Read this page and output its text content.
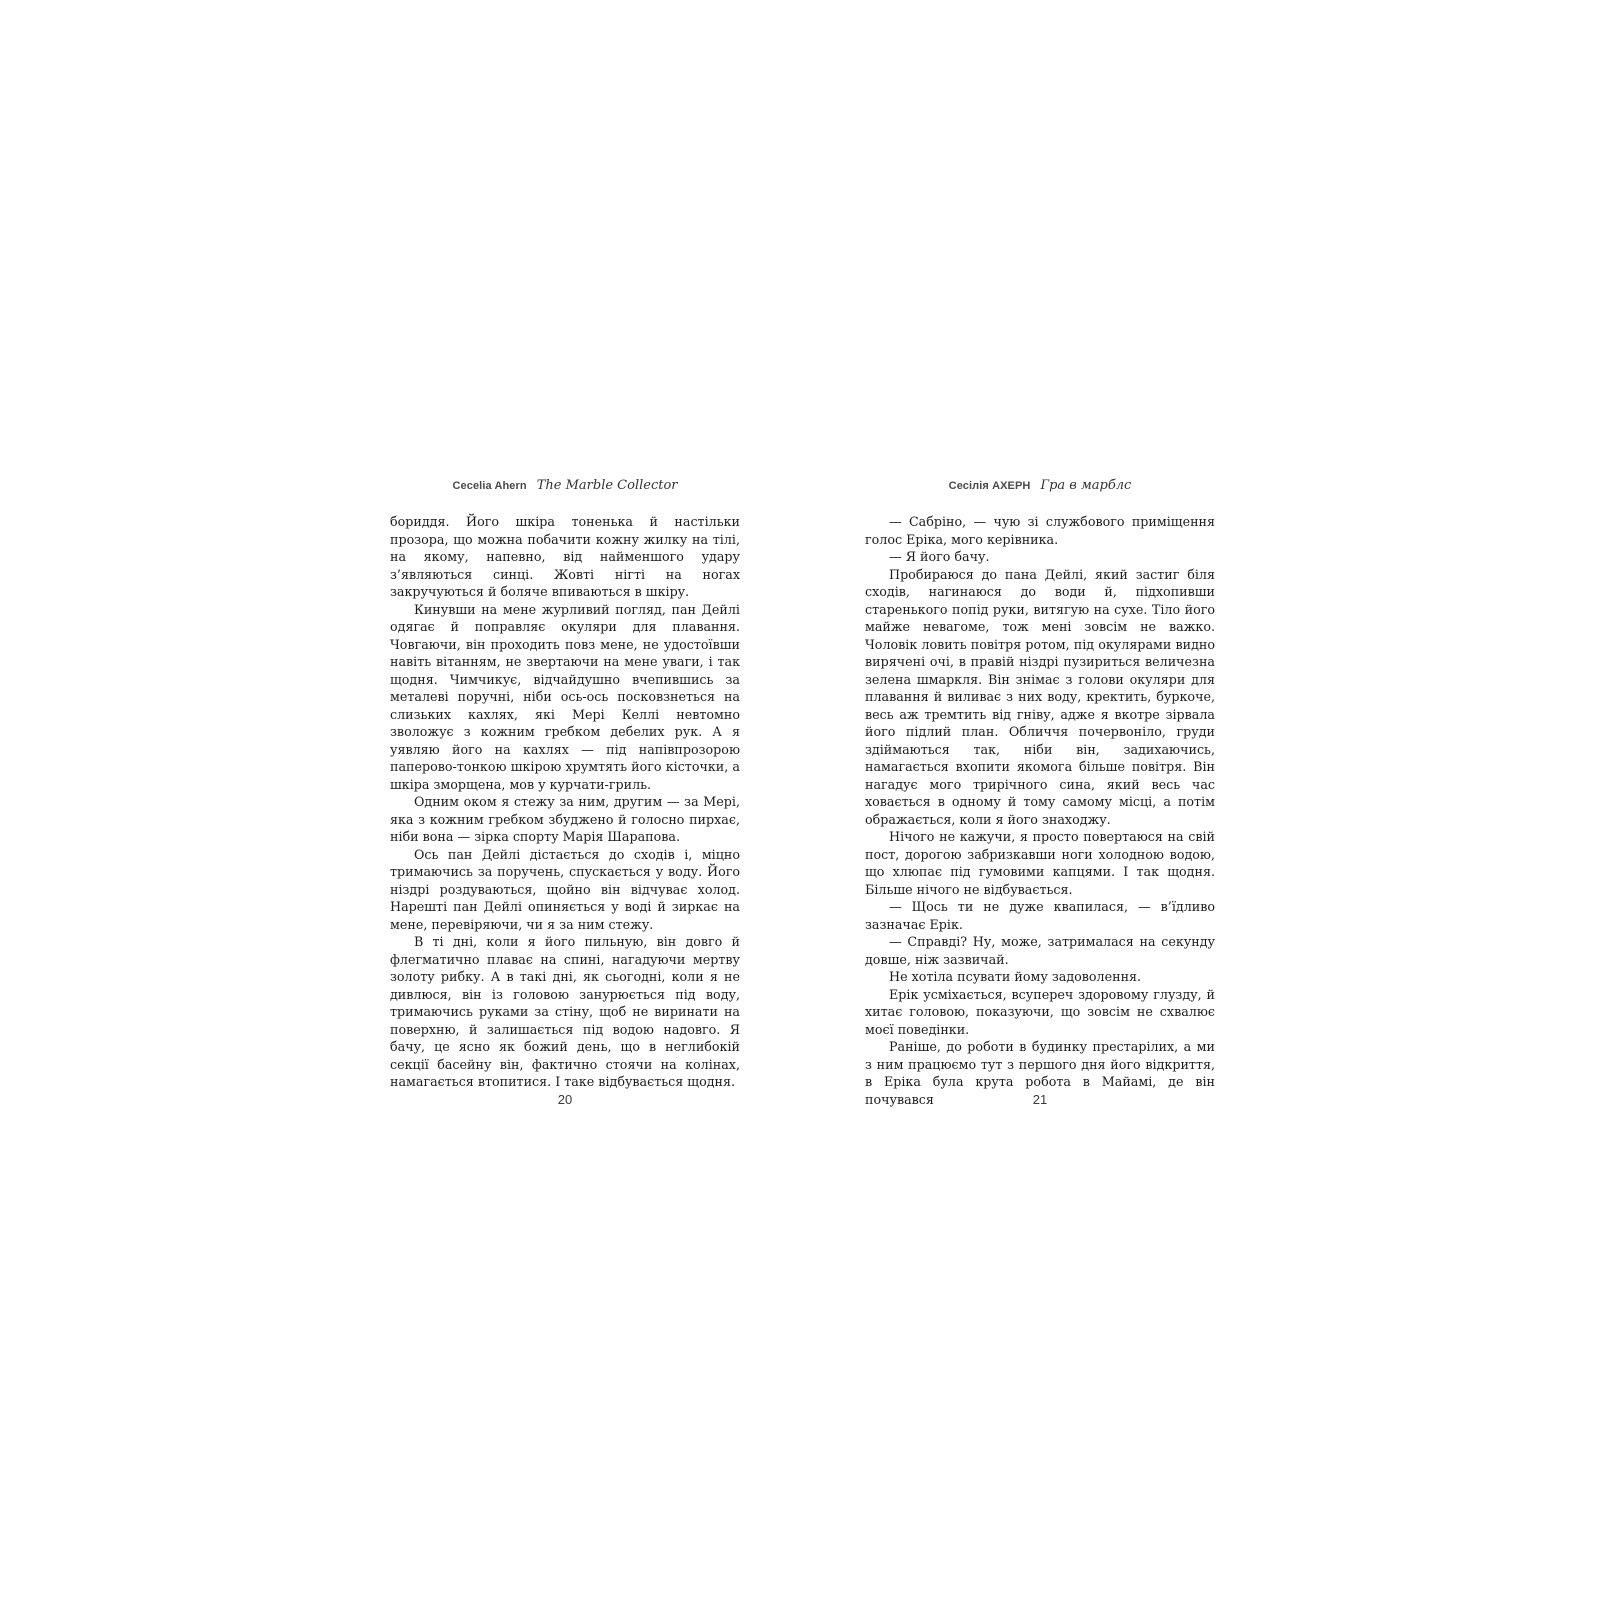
Cecelia Ahern The Marble Collector

бориддя. Його шкіра тоненька й настільки прозора, що можна побачити кожну жилку на тілі, на якому, напевно, від найменшого удару з’являються синці. Жовті нігті на ногах закручуються й боляче впиваються в шкіру.

Кинувши на мене журливий погляд, пан Дейлі одягає й поправляє окуляри для плавання. Човгаючи, він проходить повз мене, не удостоївши навіть вітанням, не звертаючи на мене уваги, і так щодня. Чимчикує, відчайдушно вчепившись за металеві поручні, ніби ось-ось посковзнеться на слизьких кахлях, які Мері Келлі невтомно зволожує з кожним гребком дебелих рук. А я уявляю його на кахлях — під напівпрозорою паперово-тонкою шкірою хрумтять його кісточки, а шкіра зморщена, мов у курчати-гриль.

Одним оком я стежу за ним, другим — за Мері, яка з кожним гребком збуджено й голосно пирхає, ніби вона — зірка спорту Марія Шарапова.

Ось пан Дейлі дістається до сходів і, міцно тримаючись за поручень, спускається у воду. Його ніздрі роздуваються, щойно він відчуває холод. Нарешті пан Дейлі опиняється у воді й зиркає на мене, перевіряючи, чи я за ним стежу.

В ті дні, коли я його пильную, він довго й флегматично плаває на спині, нагадуючи мертву золоту рибку. А в такі дні, як сьогодні, коли я не дивлюся, він із головою занурюється під воду, тримаючись руками за стіну, щоб не виринати на поверхню, й залишається під водою надовго. Я бачу, це ясно як божий день, що в неглибокій секції басейну він, фактично стоячи на колінах, намагається втопитися. І таке відбувається щодня.

20
Сесілія АХЕРН Гра в марблс

— Сабріно, — чую зі службового приміщення голос Еріка, мого керівника.

— Я його бачу.

Пробираюся до пана Дейлі, який застиг біля сходів, нагинаюся до води й, підхопивши старенького попід руки, витягую на сухе. Тіло його майже невагоме, тож мені зовсім не важко. Чоловік ловить повітря ротом, під окулярами видно вирячені очі, в правій ніздрі пузириться величезна зелена шмаркля. Він знімає з голови окуляри для плавання й виливає з них воду, кректить, буркоче, весь аж тремтить від гніву, адже я вкотре зірвала його підлий план. Обличчя почервоніло, груди здіймаються так, ніби він, задихаючись, намагається вхопити якомога більше повітря. Він нагадує мого трирічного сина, який весь час ховається в одному й тому самому місці, а потім ображається, коли я його знаходжу.

Нічого не кажучи, я просто повертаюся на свій пост, дорогою забризкавши ноги холодною водою, що хлюпає під гумовими капцями. І так щодня. Більше нічого не відбувається.

— Щось ти не дуже квапилася, — в’їдливо зазначає Ерік.

— Справді? Ну, може, затрималася на секунду довше, ніж зазвичай.

Не хотіла псувати йому задоволення.

Ерік усміхається, всупереч здоровому глузду, й хитає головою, показуючи, що зовсім не схвалює моєї поведінки.

Раніше, до роботи в будинку престарілих, а ми з ним працюємо тут з першого дня його відкриття, в Еріка була крута робота в Майамі, де він почувався	21
